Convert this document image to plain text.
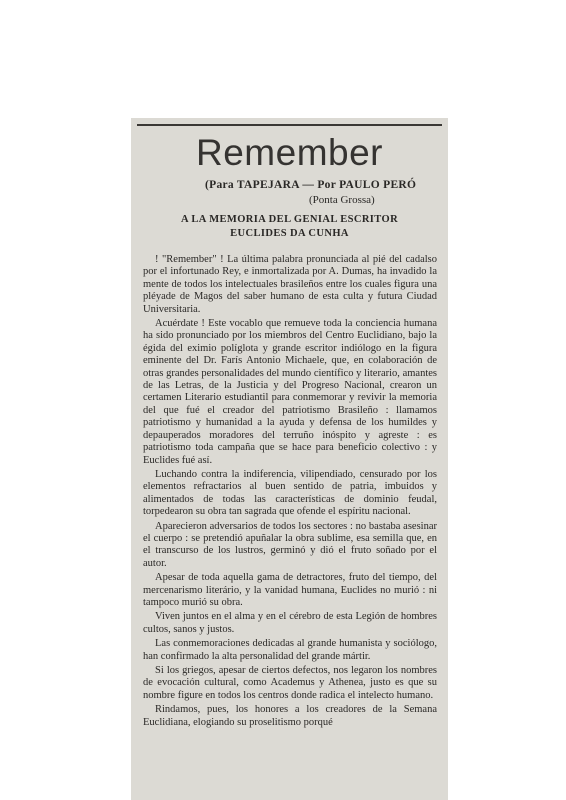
Remember
(Para TAPEJARA — Por PAULO PERÓ
(Ponta Grossa)
A LA MEMORIA DEL GENIAL ESCRITOR
EUCLIDES DA CUNHA

! "Remember" ! La última palabra pronunciada al pié del cadalso por el infortunado Rey, e inmortalizada por A. Dumas, ha invadido la mente de todos los intelectuales brasileños entre los cuales figura una pléyade de Magos del saber humano de esta culta y futura Ciudad Universitaria.

Acuérdate ! Este vocablo que remueve toda la conciencia humana ha sido pronunciado por los miembros del Centro Euclidiano, bajo la égida del eximio políglota y grande escritor indiólogo en la figura eminente del Dr. Farís Antonio Michaele, que, en colaboración de otras grandes personalidades del mundo científico y literario, amantes de las Letras, de la Justicia y del Progreso Nacional, crearon un certamen Literario estudiantil para conmemorar y revivir la memoria del que fué el creador del patriotismo Brasileño : llamamos patriotismo y humanidad a la ayuda y defensa de los humildes y depauperados moradores del terruño inóspito y agreste : es patriotismo toda campaña que se hace para beneficio colectivo : y Euclides fué así.

Luchando contra la indiferencia, vilipendiado, censurado por los elementos refractarios al buen sentido de patria, imbuidos y alimentados de todas las características de dominio feudal, torpedearon su obra tan sagrada que ofende el espíritu nacional.

Aparecieron adversarios de todos los sectores : no bastaba asesinar el cuerpo : se pretendió apuñalar la obra sublime, esa semilla que, en el transcurso de los lustros, germinó y dió el fruto soñado por el autor.

Apesar de toda aquella gama de detractores, fruto del tiempo, del mercenarismo literário, y la vanidad humana, Euclides no murió : ni tampoco murió su obra.

Viven juntos en el alma y en el cérebro de esta Legión de hombres cultos, sanos y justos.

Las conmemoraciones dedicadas al grande humanista y sociólogo, han confirmado la alta personalidad del grande mártir.

Si los griegos, apesar de ciertos defectos, nos legaron los nombres de evocación cultural, como Academus y Athenea, justo es que su nombre figure en todos los centros donde radica el intelecto humano.

Rindamos, pues, los honores a los creadores de la Semana Euclidiana, elogiando su proselitismo porqué
